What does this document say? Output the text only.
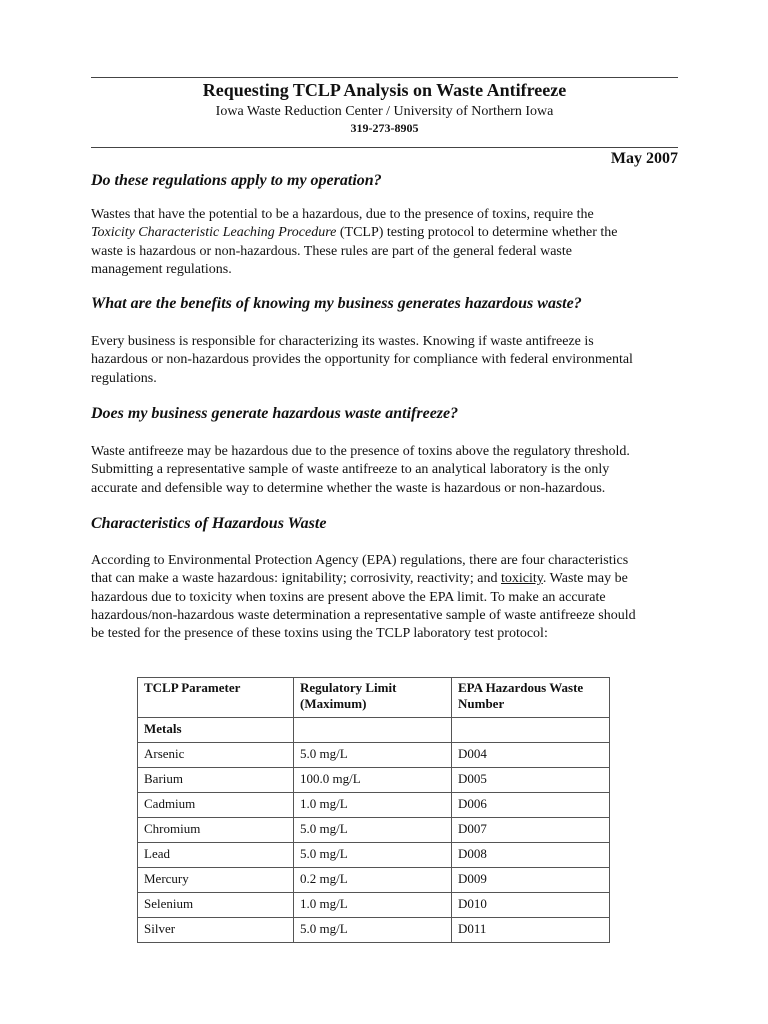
Requesting TCLP Analysis on Waste Antifreeze
Iowa Waste Reduction Center / University of Northern Iowa
319-273-8905
May 2007
Do these regulations apply to my operation?

Wastes that have the potential to be a hazardous, due to the presence of toxins, require the
Toxicity Characteristic Leaching Procedure (TCLP) testing protocol to determine whether the
waste is hazardous or non-hazardous. These rules are part of the general federal waste
management regulations.

What are the benefits of knowing my business generates hazardous waste?

Every business is responsible for characterizing its wastes. Knowing if waste antifreeze is
hazardous or non-hazardous provides the opportunity for compliance with federal environmental
regulations.

Does my business generate hazardous waste antifreeze?

Waste antifreeze may be hazardous due to the presence of toxins above the regulatory threshold.
Submitting a representative sample of waste antifreeze to an analytical laboratory is the only
accurate and defensible way to determine whether the waste is hazardous or non-hazardous.

Characteristics of Hazardous Waste

According to Environmental Protection Agency (EPA) regulations, there are four characteristics
that can make a waste hazardous: ignitability; corrosivity, reactivity; and toxicity. Waste may be
hazardous due to toxicity when toxins are present above the EPA limit. To make an accurate
hazardous/non-hazardous waste determination a representative sample of waste antifreeze should
be tested for the presence of these toxins using the TCLP laboratory test protocol:

TCLP Parameter	Regulatory Limit (Maximum)	EPA Hazardous Waste Number
Metals		
Arsenic	5.0 mg/L	D004
Barium	100.0 mg/L	D005
Cadmium	1.0 mg/L	D006
Chromium	5.0 mg/L	D007
Lead	5.0 mg/L	D008
Mercury	0.2 mg/L	D009
Selenium	1.0 mg/L	D010
Silver	5.0 mg/L	D011
